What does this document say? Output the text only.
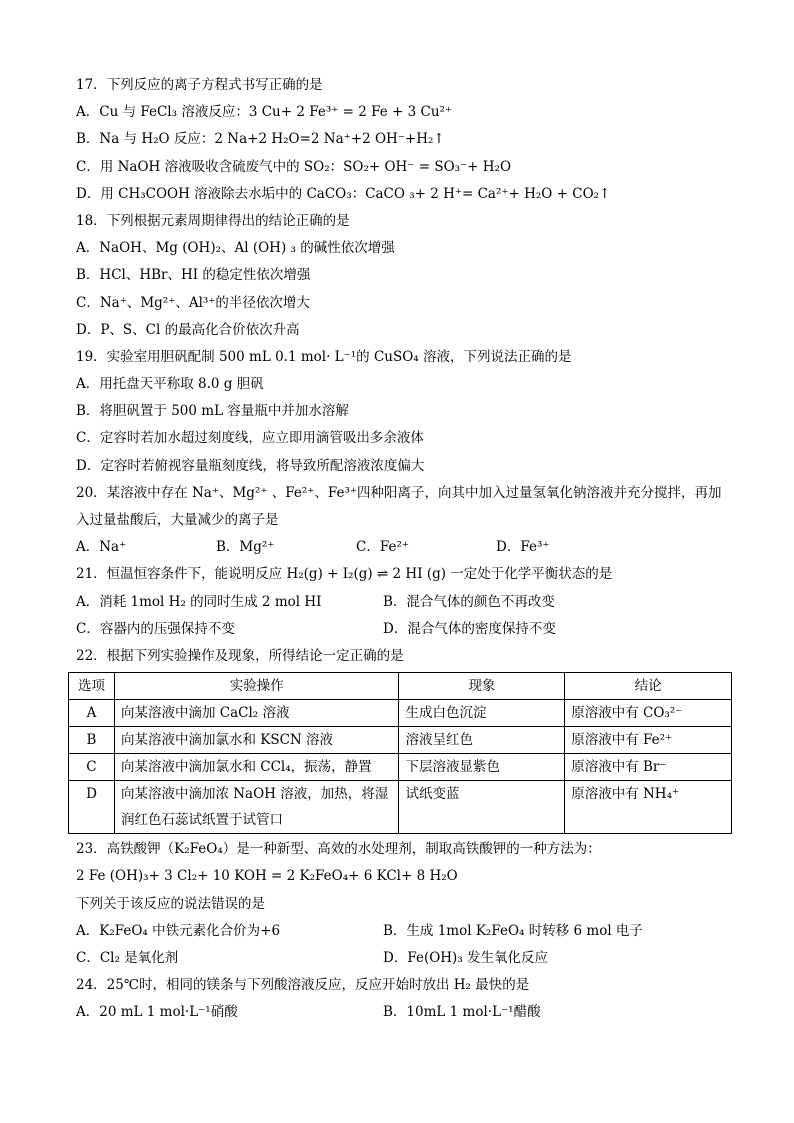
17．下列反应的离子方程式书写正确的是
A．Cu 与 FeCl₃ 溶液反应：3 Cu+ 2 Fe³⁺ = 2 Fe + 3 Cu²⁺
B．Na 与 H₂O 反应：2 Na+2 H₂O=2 Na⁺+2 OH⁻+H₂↑
C．用 NaOH 溶液吸收含硫废气中的 SO₂：SO₂+ OH⁻ = SO₃⁻+ H₂O
D．用 CH₃COOH 溶液除去水垢中的 CaCO₃：CaCO ₃+ 2 H⁺= Ca²⁺+ H₂O + CO₂↑
18．下列根据元素周期律得出的结论正确的是
A．NaOH、Mg (OH)₂、Al (OH) ₃ 的碱性依次增强
B．HCl、HBr、HI 的稳定性依次增强
C．Na⁺、Mg²⁺、Al³⁺的半径依次增大
D．P、S、Cl 的最高化合价依次升高
19．实验室用胆矾配制 500 mL 0.1 mol· L⁻¹的 CuSO₄ 溶液，下列说法正确的是
A．用托盘天平称取 8.0 g 胆矾
B．将胆矾置于 500 mL 容量瓶中并加水溶解
C．定容时若加水超过刻度线，应立即用滴管吸出多余液体
D．定容时若俯视容量瓶刻度线，将导致所配溶液浓度偏大
20．某溶液中存在 Na⁺、Mg²⁺ 、Fe²⁺、Fe³⁺四种阳离子，向其中加入过量氢氧化钠溶液并充分搅拌，再加
入过量盐酸后，大量减少的离子是
A．Na⁺	B．Mg²⁺	C．Fe²⁺	D．Fe³⁺
21．恒温恒容条件下，能说明反应 H₂(g) + I₂(g) ⇌ 2 HI (g) 一定处于化学平衡状态的是
A．消耗 1mol H₂ 的同时生成 2 mol HI	B．混合气体的颜色不再改变
C．容器内的压强保持不变	D．混合气体的密度保持不变
22．根据下列实验操作及现象，所得结论一定正确的是
选项	实验操作	现象	结论
A	向某溶液中滴加 CaCl₂ 溶液	生成白色沉淀	原溶液中有 CO₃²⁻
B	向某溶液中滴加氯水和 KSCN 溶液	溶液呈红色	原溶液中有 Fe²⁺
C	向某溶液中滴加氯水和 CCl₄，振荡，静置	下层溶液显紫色	原溶液中有 Br⁻
D	向某溶液中滴加浓 NaOH 溶液，加热，将湿
润红色石蕊试纸置于试管口	试纸变蓝	原溶液中有 NH₄⁺
23．高铁酸钾（K₂FeO₄）是一种新型、高效的水处理剂，制取高铁酸钾的一种方法为：
2 Fe (OH)₃+ 3 Cl₂+ 10 KOH = 2 K₂FeO₄+ 6 KCl+ 8 H₂O
下列关于该反应的说法错误的是
A．K₂FeO₄ 中铁元素化合价为+6	B．生成 1mol K₂FeO₄ 时转移 6 mol 电子
C．Cl₂ 是氧化剂	D．Fe(OH)₃ 发生氧化反应
24．25℃时，相同的镁条与下列酸溶液反应，反应开始时放出 H₂ 最快的是
A．20 mL 1 mol·L⁻¹硝酸	B．10mL 1 mol·L⁻¹醋酸
